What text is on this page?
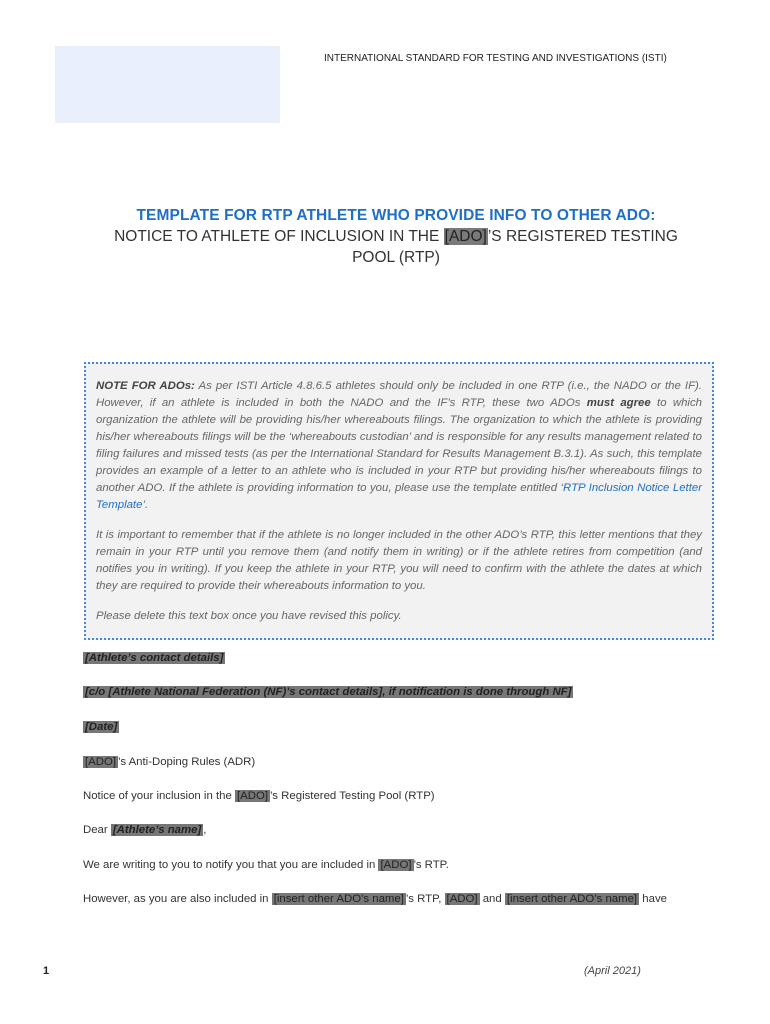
INTERNATIONAL STANDARD FOR TESTING AND INVESTIGATIONS (ISTI)
TEMPLATE FOR RTP ATHLETE WHO PROVIDE INFO TO OTHER ADO:
NOTICE TO ATHLETE OF INCLUSION IN THE [ADO]’S REGISTERED TESTING
POOL (RTP)

NOTE FOR ADOs: As per ISTI Article 4.8.6.5 athletes should only be included in one RTP (i.e., the NADO or the IF). However, if an athlete is included in both the NADO and the IF’s RTP, these two ADOs must agree to which organization the athlete will be providing his/her whereabouts filings. The organization to which the athlete is providing his/her whereabouts filings will be the ‘whereabouts custodian’ and is responsible for any results management related to filing failures and missed tests (as per the International Standard for Results Management B.3.1). As such, this template provides an example of a letter to an athlete who is included in your RTP but providing his/her whereabouts filings to another ADO. If the athlete is providing information to you, please use the template entitled ‘RTP Inclusion Notice Letter Template’.

It is important to remember that if the athlete is no longer included in the other ADO’s RTP, this letter mentions that they remain in your RTP until you remove them (and notify them in writing) or if the athlete retires from competition (and notifies you in writing). If you keep the athlete in your RTP, you will need to confirm with the athlete the dates at which they are required to provide their whereabouts information to you.

Please delete this text box once you have revised this policy.

[Athlete’s contact details]
[c/o [Athlete National Federation (NF)’s contact details], if notification is done through NF]
[Date]
[ADO] ’s Anti-Doping Rules (ADR)
Notice of your inclusion in the [ADO] ’s Registered Testing Pool (RTP)
Dear [Athlete’s name] ,
We are writing to you to notify you that you are included in [ADO] ’s RTP.
However, as you are also included in [insert other ADO’s name] ’s RTP, [ADO] and [insert other ADO’s name] have
1	(April 2021)
